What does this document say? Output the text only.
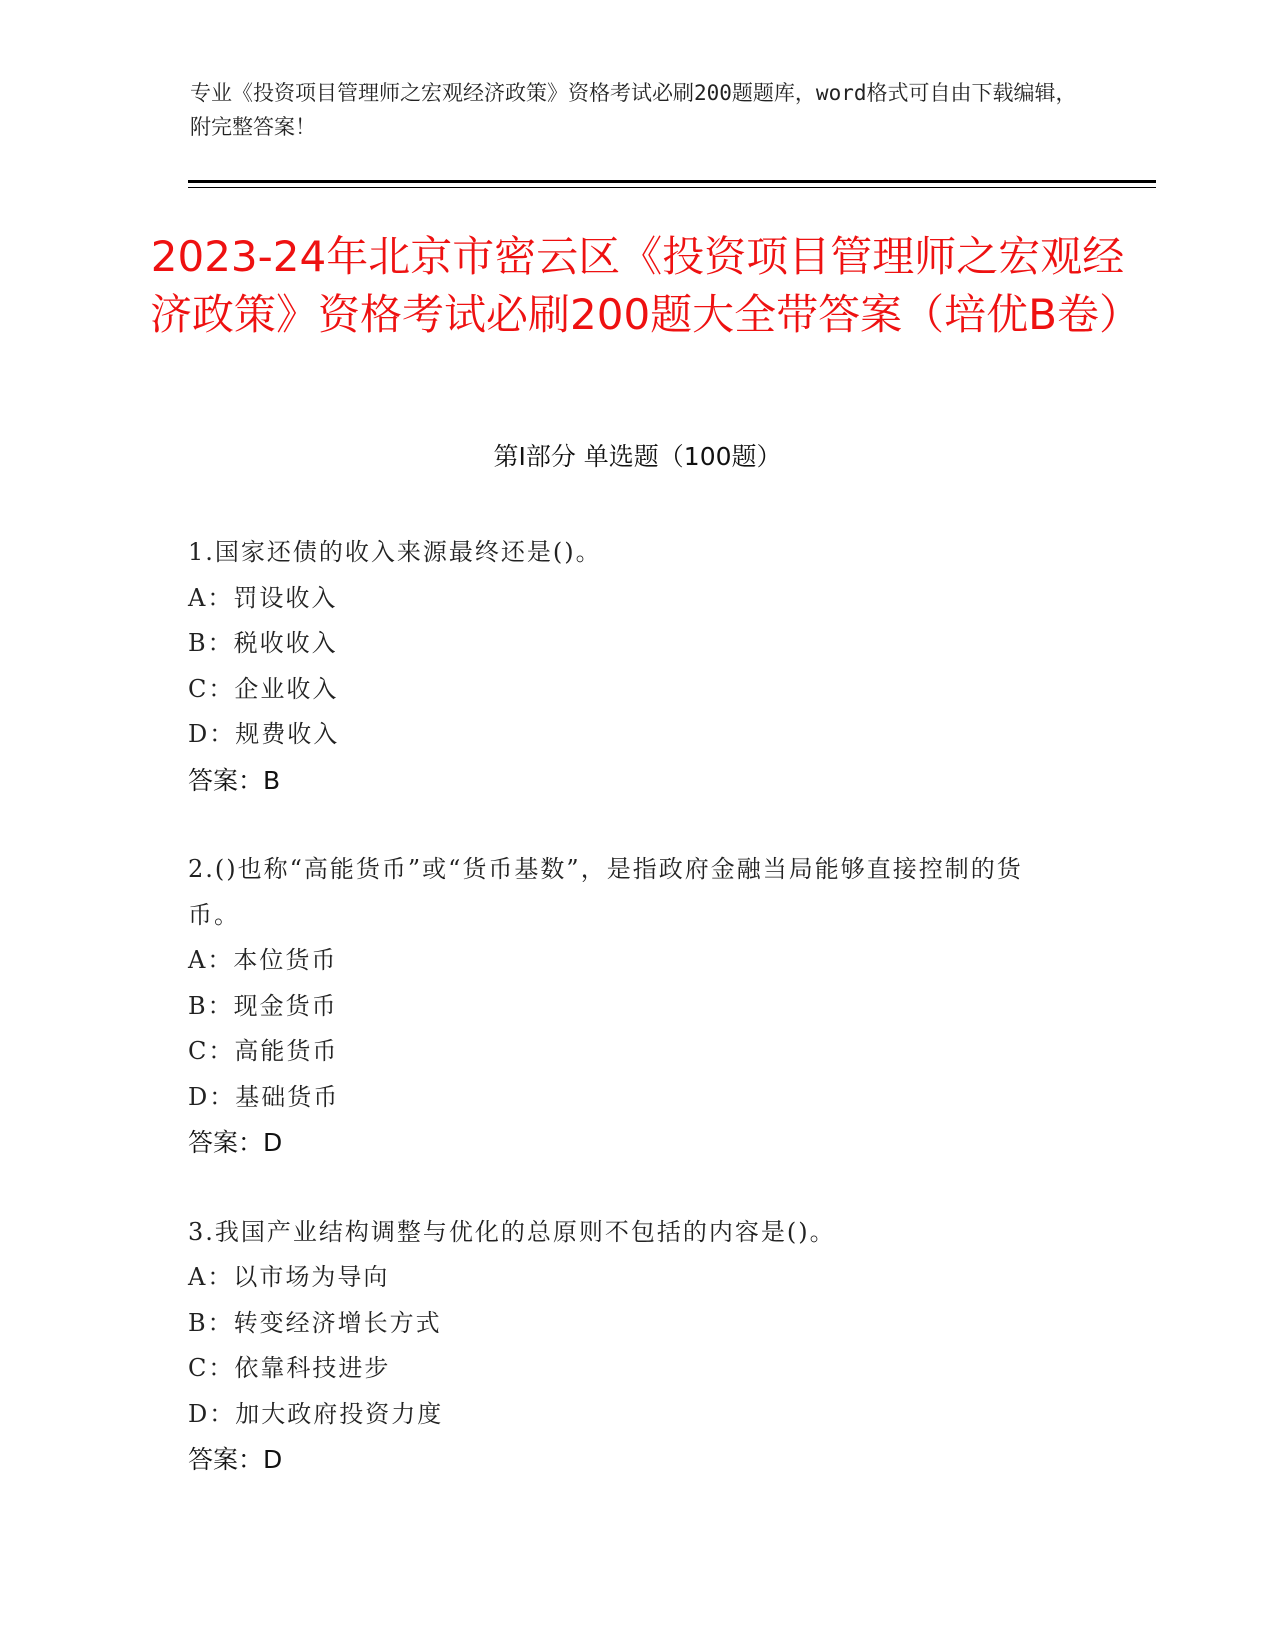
专业《投资项目管理师之宏观经济政策》资格考试必刷200题题库，word格式可自由下载编辑，附完整答案！
2023-24年北京市密云区《投资项目管理师之宏观经济政策》资格考试必刷200题大全带答案（培优B卷）
第I部分 单选题（100题）
1.国家还债的收入来源最终还是()。
A：罚设收入
B：税收收入
C：企业收入
D：规费收入
答案：B
2.()也称“高能货币”或“货币基数”，是指政府金融当局能够直接控制的货币。
A：本位货币
B：现金货币
C：高能货币
D：基础货币
答案：D
3.我国产业结构调整与优化的总原则不包括的内容是()。
A：以市场为导向
B：转变经济增长方式
C：依靠科技进步
D：加大政府投资力度
答案：D
